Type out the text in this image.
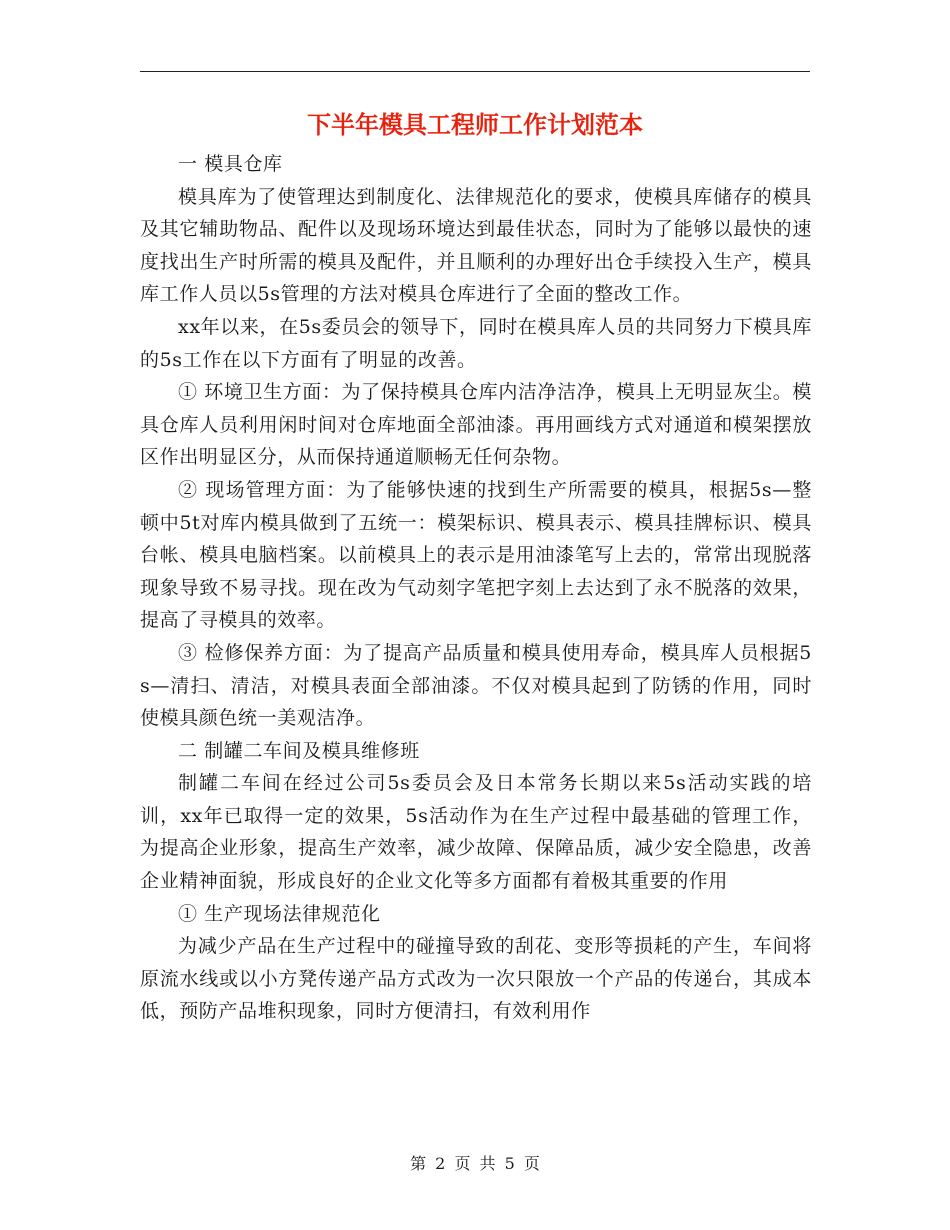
下半年模具工程师工作计划范本

一 模具仓库

模具库为了使管理达到制度化、法律规范化的要求，使模具库储存的模具及其它辅助物品、配件以及现场环境达到最佳状态，同时为了能够以最快的速度找出生产时所需的模具及配件，并且顺利的办理好出仓手续投入生产，模具库工作人员以5s管理的方法对模具仓库进行了全面的整改工作。

xx年以来，在5s委员会的领导下，同时在模具库人员的共同努力下模具库的5s工作在以下方面有了明显的改善。

① 环境卫生方面：为了保持模具仓库内洁净洁净，模具上无明显灰尘。模具仓库人员利用闲时间对仓库地面全部油漆。再用画线方式对通道和模架摆放区作出明显区分，从而保持通道顺畅无任何杂物。

② 现场管理方面：为了能够快速的找到生产所需要的模具，根据5s—整顿中5t对库内模具做到了五统一：模架标识、模具表示、模具挂牌标识、模具台帐、模具电脑档案。以前模具上的表示是用油漆笔写上去的，常常出现脱落现象导致不易寻找。现在改为气动刻字笔把字刻上去达到了永不脱落的效果，提高了寻模具的效率。

③ 检修保养方面：为了提高产品质量和模具使用寿命，模具库人员根据5s—清扫、清洁，对模具表面全部油漆。不仅对模具起到了防锈的作用，同时使模具颜色统一美观洁净。

二 制罐二车间及模具维修班

制罐二车间在经过公司5s委员会及日本常务长期以来5s活动实践的培训，xx年已取得一定的效果，5s活动作为在生产过程中最基础的管理工作，为提高企业形象，提高生产效率，减少故障、保障品质，减少安全隐患，改善企业精神面貌，形成良好的企业文化等多方面都有着极其重要的作用

① 生产现场法律规范化

为减少产品在生产过程中的碰撞导致的刮花、变形等损耗的产生，车间将原流水线或以小方凳传递产品方式改为一次只限放一个产品的传递台，其成本低，预防产品堆积现象，同时方便清扫，有效利用作

第 2 页 共 5 页
